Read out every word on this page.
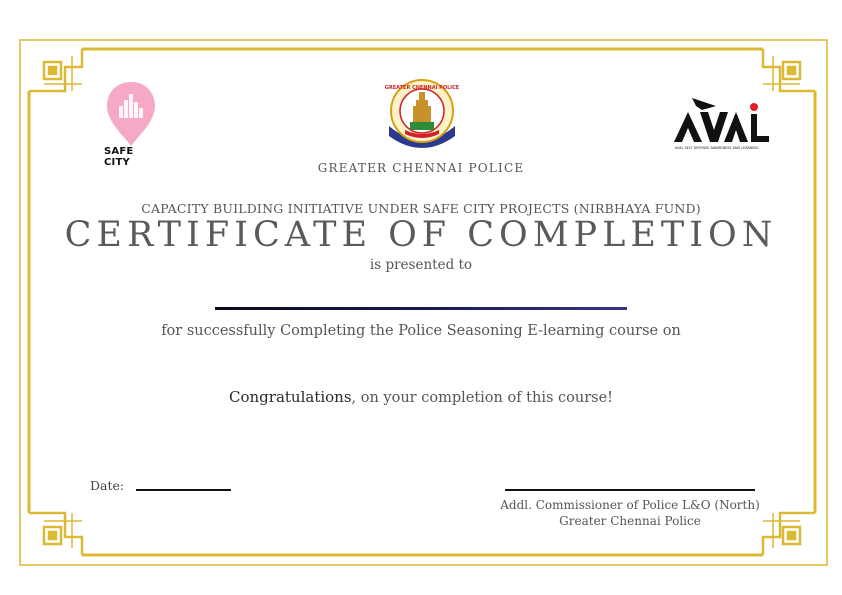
SAFE CITY
GREATER CHENNAI POLICE
TAMIL NADU	AVAL SELF DEFENSE AWARENESS AND LEARNING
GREATER CHENNAI POLICE
CAPACITY BUILDING INITIATIVE UNDER SAFE CITY PROJECTS (NIRBHAYA FUND)
CERTIFICATE OF COMPLETION
is presented to
for successfully Completing the Police Seasoning E-learning course on
Congratulations, on your completion of this course!
Date:
Addl. Commissioner of Police L&O (North)
Greater Chennai Police
